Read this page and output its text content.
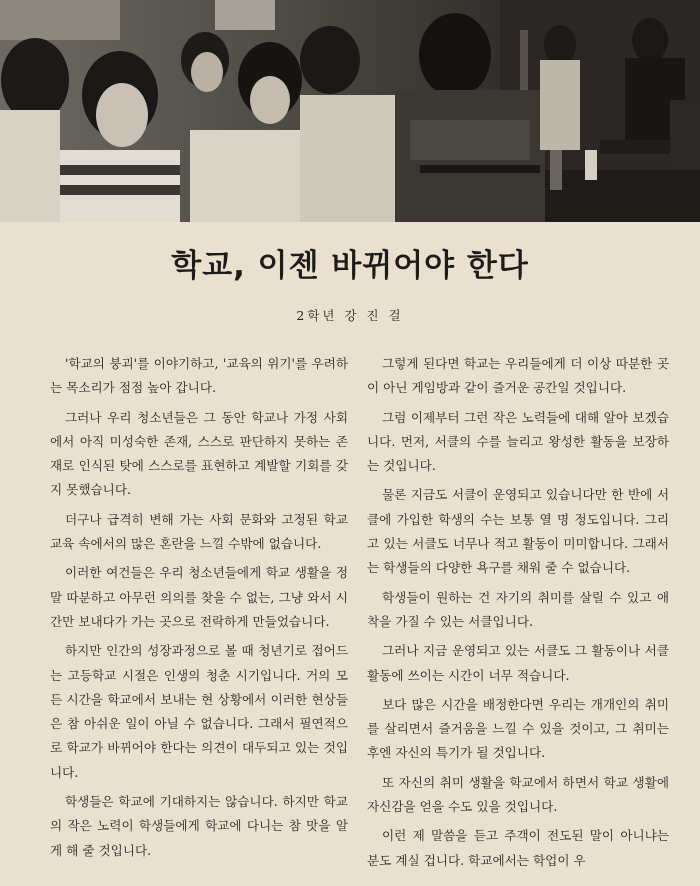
학교, 이젠 바뀌어야 한다
2학년 강 진 걸

'학교의 붕괴'를 이야기하고, '교육의 위기'를 우려하는 목소리가 점점 높아 갑니다.

그러나 우리 청소년들은 그 동안 학교나 가정 사회에서 아직 미성숙한 존재, 스스로 판단하지 못하는 존재로 인식된 탓에 스스로를 표현하고 계발할 기회를 갖지 못했습니다.

더구나 급격히 변해 가는 사회 문화와 고정된 학교 교육 속에서의 많은 혼란을 느낄 수밖에 없습니다.

이러한 여건들은 우리 청소년들에게 학교 생활을 정말 따분하고 아무런 의의를 찾을 수 없는, 그냥 와서 시간만 보내다가 가는 곳으로 전락하게 만들었습니다.

하지만 인간의 성장과정으로 볼 때 청년기로 접어드는 고등학교 시절은 인생의 청춘 시기입니다. 거의 모든 시간을 학교에서 보내는 현 상황에서 이러한 현상들은 참 아쉬운 일이 아닐 수 없습니다. 그래서 필연적으로 학교가 바뀌어야 한다는 의견이 대두되고 있는 것입니다.

학생들은 학교에 기대하지는 않습니다. 하지만 학교의 작은 노력이 학생들에게 학교에 다니는 참 맛을 알게 해 줄 것입니다.

그렇게 된다면 학교는 우리들에게 더 이상 따분한 곳이 아닌 게임방과 같이 즐거운 공간일 것입니다.

그럼 이제부터 그런 작은 노력들에 대해 알아 보겠습니다. 먼저, 서클의 수를 늘리고 왕성한 활동을 보장하는 것입니다.

물론 지금도 서클이 운영되고 있습니다만 한 반에 서클에 가입한 학생의 수는 보통 열 명 정도입니다. 그리고 있는 서클도 너무나 적고 활동이 미미합니다. 그래서는 학생들의 다양한 욕구를 채워 줄 수 없습니다.

학생들이 원하는 건 자기의 취미를 살릴 수 있고 애착을 가질 수 있는 서클입니다.

그러나 지금 운영되고 있는 서클도 그 활동이나 서클 활동에 쓰이는 시간이 너무 적습니다.

보다 많은 시간을 배정한다면 우리는 개개인의 취미를 살리면서 즐거움을 느낄 수 있을 것이고, 그 취미는 후엔 자신의 특기가 될 것입니다.

또 자신의 취미 생활을 학교에서 하면서 학교 생활에 자신감을 얻을 수도 있을 것입니다.

이런 제 말씀을 듣고 주객이 전도된 말이 아니냐는 분도 계실 겁니다. 학교에서는 학업이 우
